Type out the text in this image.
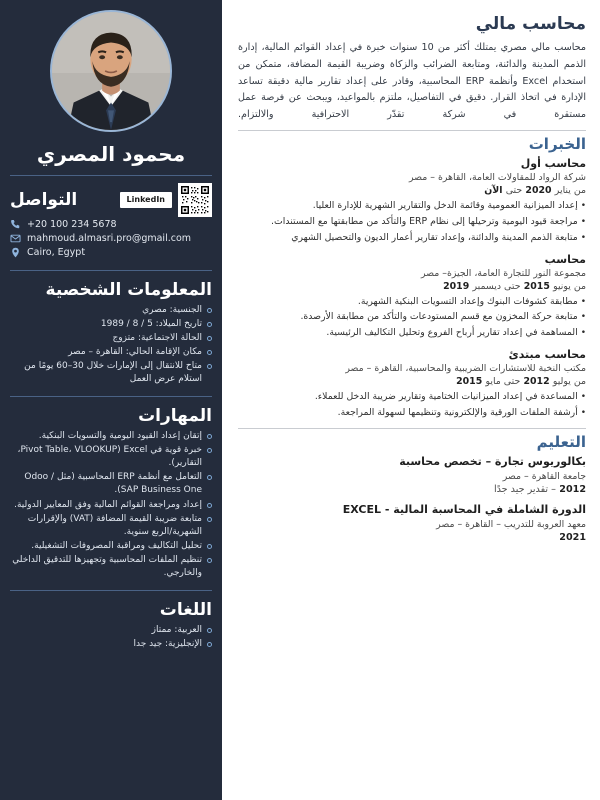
محمود المصري
LinkedIn
التواصل
+20 100 234 5678
mahmoud.almasri.pro@gmail.com
Cairo, Egypt
المعلومات الشخصية
الجنسية: مصري
تاريخ الميلاد: 5 / 8 / 1989
الحالة الاجتماعية: متزوج
مكان الإقامة الحالي: القاهرة – مصر
متاح للانتقال إلى الإمارات خلال 30–60 يومًا من استلام عرض العمل
المهارات
إتقان إعداد القيود اليومية والتسويات البنكية.
خبرة قوية في Excel (Pivot Table، VLOOKUP، التقارير).
التعامل مع أنظمة ERP المحاسبية (مثل Odoo / SAP Business One).
إعداد ومراجعة القوائم المالية وفق المعايير الدولية.
متابعة ضريبة القيمة المضافة (VAT) والإقرارات الشهرية/الربع سنوية.
تحليل التكاليف ومراقبة المصروفات التشغيلية.
تنظيم الملفات المحاسبية وتجهيزها للتدقيق الداخلي والخارجي.
اللغات
العربية: ممتاز
الإنجليزية: جيد جدا
محاسب مالي

محاسب مالي مصري يمتلك أكثر من 10 سنوات خبرة في إعداد القوائم المالية، إدارة الذمم المدينة والدائنة، ومتابعة الضرائب والزكاة وضريبة القيمة المضافة، متمكن من استخدام Excel وأنظمة ERP المحاسبية، وقادر على إعداد تقارير مالية دقيقة تساعد الإدارة في اتخاذ القرار. دقيق في التفاصيل، ملتزم بالمواعيد، ويبحث عن فرصة عمل مستقرة في شركة تقدّر الاحترافية والالتزام.

الخبرات
محاسب أول
شركة الرواد للمقاولات العامة، القاهرة – مصر
من يناير 2020 حتى الآن
•
إعداد الميزانية العمومية وقائمة الدخل والتقارير الشهرية للإدارة العليا.
•
مراجعة قيود اليومية وترحيلها إلى نظام ERP والتأكد من مطابقتها مع المستندات.
•
متابعة الذمم المدينة والدائنة، وإعداد تقارير أعمار الديون والتحصيل الشهري
محاسب
مجموعة النور للتجارة العامة، الجيزة– مصر
من يونيو 2015 حتى ديسمبر 2019
•
مطابقة كشوفات البنوك وإعداد التسويات البنكية الشهرية.
•
متابعة حركة المخزون مع قسم المستودعات والتأكد من مطابقة الأرصدة.
•
المساهمة في إعداد تقارير أرباح الفروع وتحليل التكاليف الرئيسية.
محاسب مبتدئ
مكتب النخبة للاستشارات الضريبية والمحاسبية، القاهرة – مصر
من يوليو 2012 حتى مايو 2015
•
المساعدة في إعداد الميزانيات الختامية وتقارير ضريبة الدخل للعملاء.
•
أرشفة الملفات الورقية والإلكترونية وتنظيمها لسهولة المراجعة.
التعليم
بكالوريوس تجارة – تخصص محاسبة
جامعة القاهرة – مصر
2012 – تقدير جيد جدًا
الدورة الشاملة في المحاسبة المالية - EXCEL
معهد العروبة للتدريب – القاهرة – مصر
2021
